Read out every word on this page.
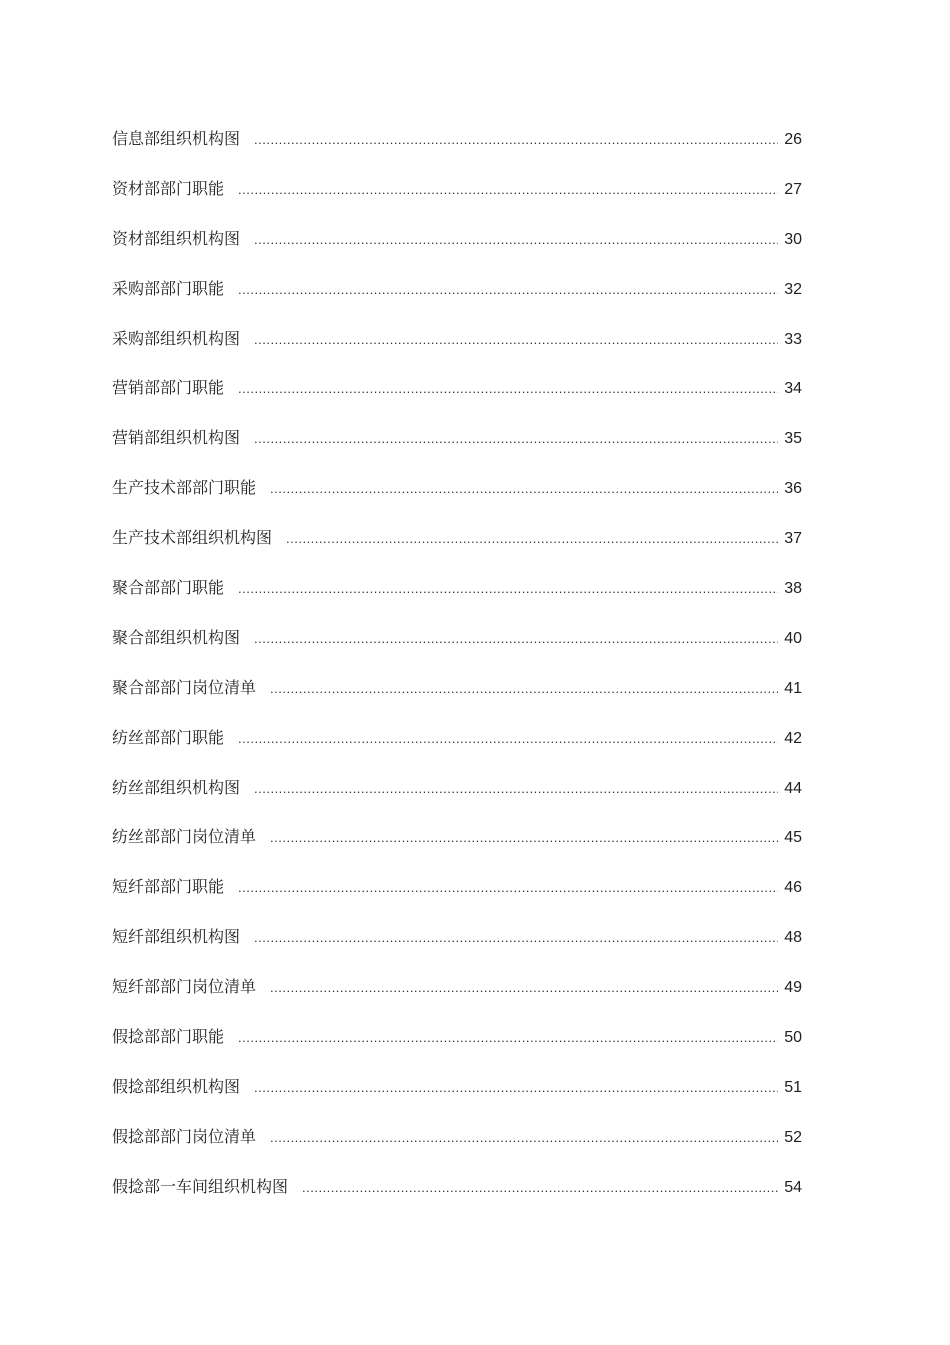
信息部组织机构图 .....	26
资材部部门职能 .....	27
资材部组织机构图 .....	30
采购部部门职能 .....	32
采购部组织机构图 .....	33
营销部部门职能 .....	34
营销部组织机构图 .....	35
生产技术部部门职能 .....	36
生产技术部组织机构图 .....	37
聚合部部门职能 .....	38
聚合部组织机构图 .....	40
聚合部部门岗位清单 .....	41
纺丝部部门职能 .....	42
纺丝部组织机构图 .....	44
纺丝部部门岗位清单 .....	45
短纤部部门职能 .....	46
短纤部组织机构图 .....	48
短纤部部门岗位清单 .....	49
假捻部部门职能 .....	50
假捻部组织机构图 .....	51
假捻部部门岗位清单 .....	52
假捻部一车间组织机构图 .....	54
